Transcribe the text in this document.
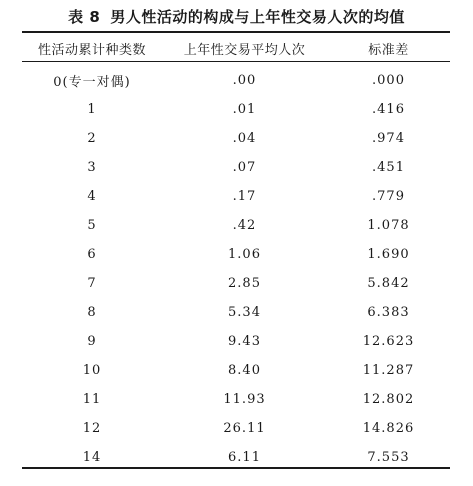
表 8 男人性活动的构成与上年性交易人次的均值
性活动累计种类数	上年性交易平均人次	标准差
0(专一对偶)	.00	.000
1	.01	.416
2	.04	.974
3	.07	.451
4	.17	.779
5	.42	1.078
6	1.06	1.690
7	2.85	5.842
8	5.34	6.383
9	9.43	12.623
10	8.40	11.287
11	11.93	12.802
12	26.11	14.826
14	6.11	7.553
